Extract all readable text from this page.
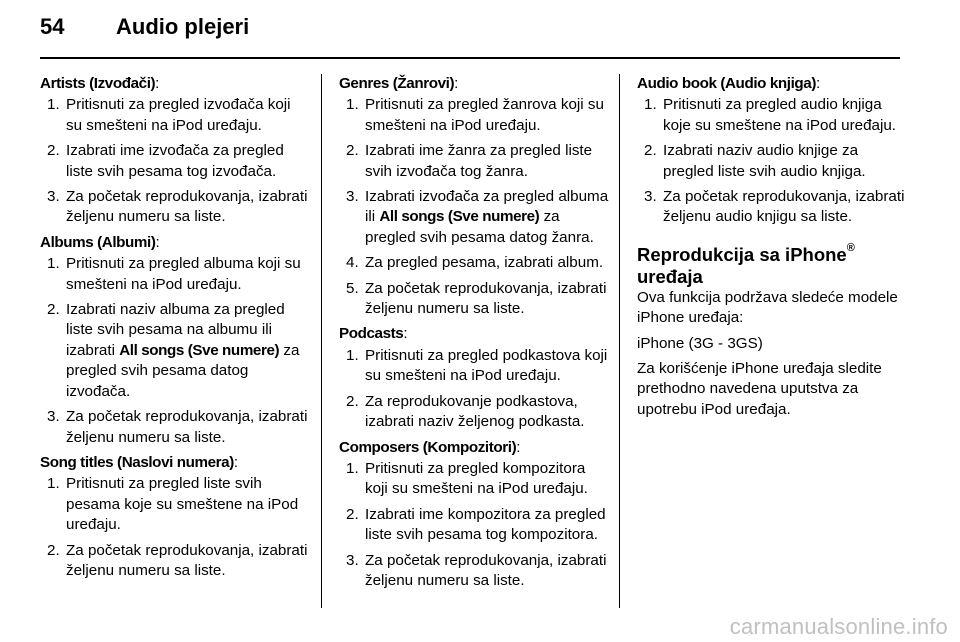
54	Audio plejeri
Artists (Izvođači):
1. Pritisnuti za pregled izvođača koji su smešteni na iPod uređaju.
2. Izabrati ime izvođača za pregled liste svih pesama tog izvođača.
3. Za početak reprodukovanja, izabrati željenu numeru sa liste.
Albums (Albumi):
1. Pritisnuti za pregled albuma koji su smešteni na iPod uređaju.
2. Izabrati naziv albuma za pregled liste svih pesama na albumu ili izabrati All songs (Sve numere) za pregled svih pesama datog izvođača.
3. Za početak reprodukovanja, izabrati željenu numeru sa liste.
Song titles (Naslovi numera):
1. Pritisnuti za pregled liste svih pesama koje su smeštene na iPod uređaju.
2. Za početak reprodukovanja, izabrati željenu numeru sa liste.
Genres (Žanrovi):
1. Pritisnuti za pregled žanrova koji su smešteni na iPod uređaju.
2. Izabrati ime žanra za pregled liste svih izvođača tog žanra.
3. Izabrati izvođača za pregled albuma ili All songs (Sve numere) za pregled svih pesama datog žanra.
4. Za pregled pesama, izabrati album.
5. Za početak reprodukovanja, izabrati željenu numeru sa liste.
Podcasts:
1. Pritisnuti za pregled podkastova koji su smešteni na iPod uređaju.
2. Za reprodukovanje podkastova, izabrati naziv željenog podkasta.
Composers (Kompozitori):
1. Pritisnuti za pregled kompozitora koji su smešteni na iPod uređaju.
2. Izabrati ime kompozitora za pregled liste svih pesama tog kompozitora.
3. Za početak reprodukovanja, izabrati željenu numeru sa liste.
Audio book (Audio knjiga):
1. Pritisnuti za pregled audio knjiga koje su smeštene na iPod uređaju.
2. Izabrati naziv audio knjige za pregled liste svih audio knjiga.
3. Za početak reprodukovanja, izabrati željenu audio knjigu sa liste.
Reprodukcija sa iPhone®
uređaja
Ova funkcija podržava sledeće modele iPhone uređaja:
iPhone (3G - 3GS)
Za korišćenje iPhone uređaja sledite prethodno navedena uputstva za upotrebu iPod uređaja.
carmanualsonline.info
